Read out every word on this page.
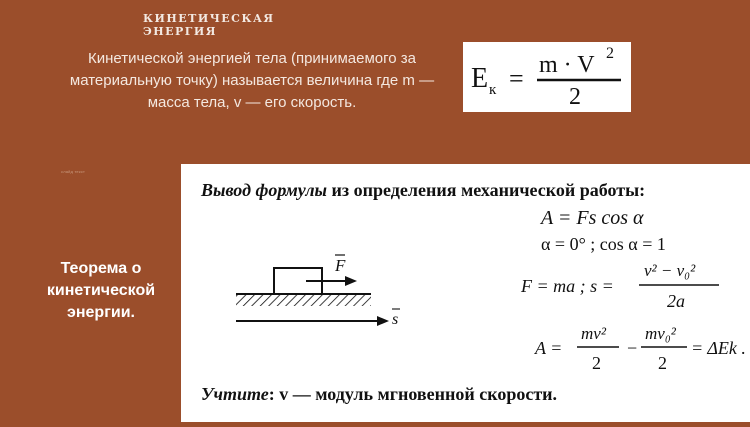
КИНЕТИЧЕСКАЯ
ЭНЕРГИЯ
Кинетической энергией тела (принимаемого за материальную точку) называется величина где m — масса тела, v — его скорость.
E к = m · V 2
2
слайд текст
Теорема о кинетической энергии.
Вывод формулы из определения механической работы:
A = Fs cos α
α = 0° ; cos α = 1
F = ma ; s =
v² − v₀²
2a
A =
mv²
2
−
mv₀²
2
= ΔEk .
F
s
Учтите: v — модуль мгновенной скорости.
